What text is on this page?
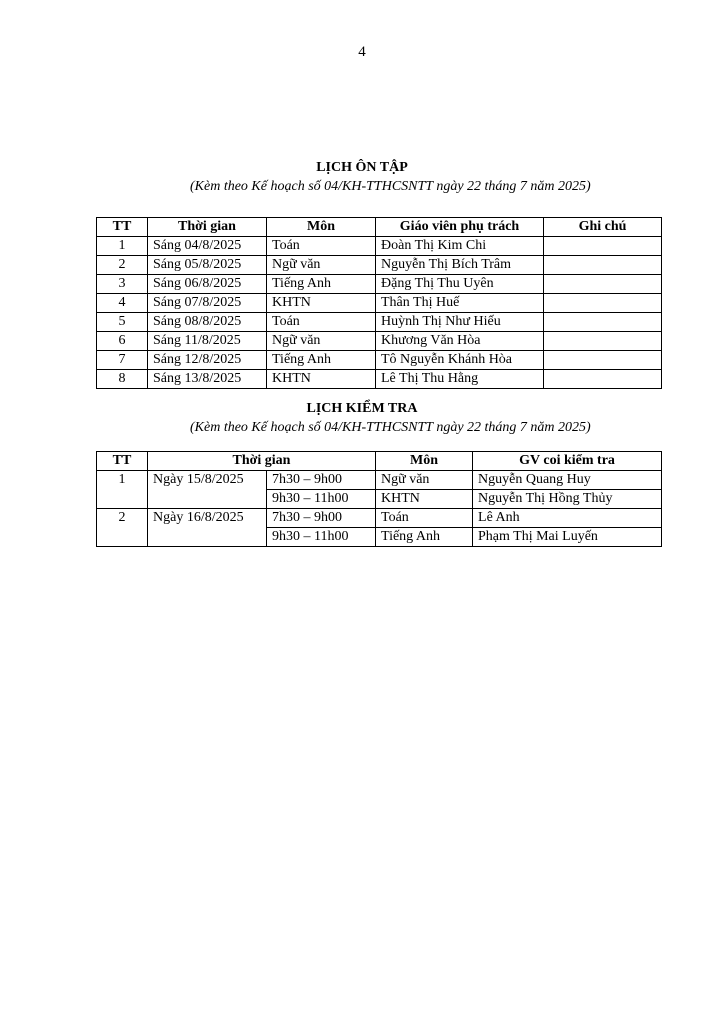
4
LỊCH ÔN TẬP
(Kèm theo Kế hoạch số 04/KH-TTHCSNTT ngày 22 tháng 7 năm 2025)
TT	Thời gian	Môn	Giáo viên phụ trách	Ghi chú
1	Sáng 04/8/2025	Toán	Đoàn Thị Kim Chi	
2	Sáng 05/8/2025	Ngữ văn	Nguyễn Thị Bích Trâm	
3	Sáng 06/8/2025	Tiếng Anh	Đặng Thị Thu Uyên	
4	Sáng 07/8/2025	KHTN	Thân Thị Huế	
5	Sáng 08/8/2025	Toán	Huỳnh Thị Như Hiếu	
6	Sáng 11/8/2025	Ngữ văn	Khương Văn Hòa	
7	Sáng 12/8/2025	Tiếng Anh	Tô Nguyễn Khánh Hòa	
8	Sáng 13/8/2025	KHTN	Lê Thị Thu Hằng	
LỊCH KIỂM TRA
(Kèm theo Kế hoạch số 04/KH-TTHCSNTT ngày 22 tháng 7 năm 2025)
TT	Thời gian		Môn	GV coi kiểm tra
1	Ngày 15/8/2025	7h30 – 9h00	Ngữ văn	Nguyễn Quang Huy
		9h30 – 11h00	KHTN	Nguyễn Thị Hồng Thủy
2	Ngày 16/8/2025	7h30 – 9h00	Toán	Lê Anh
		9h30 – 11h00	Tiếng Anh	Phạm Thị Mai Luyến
